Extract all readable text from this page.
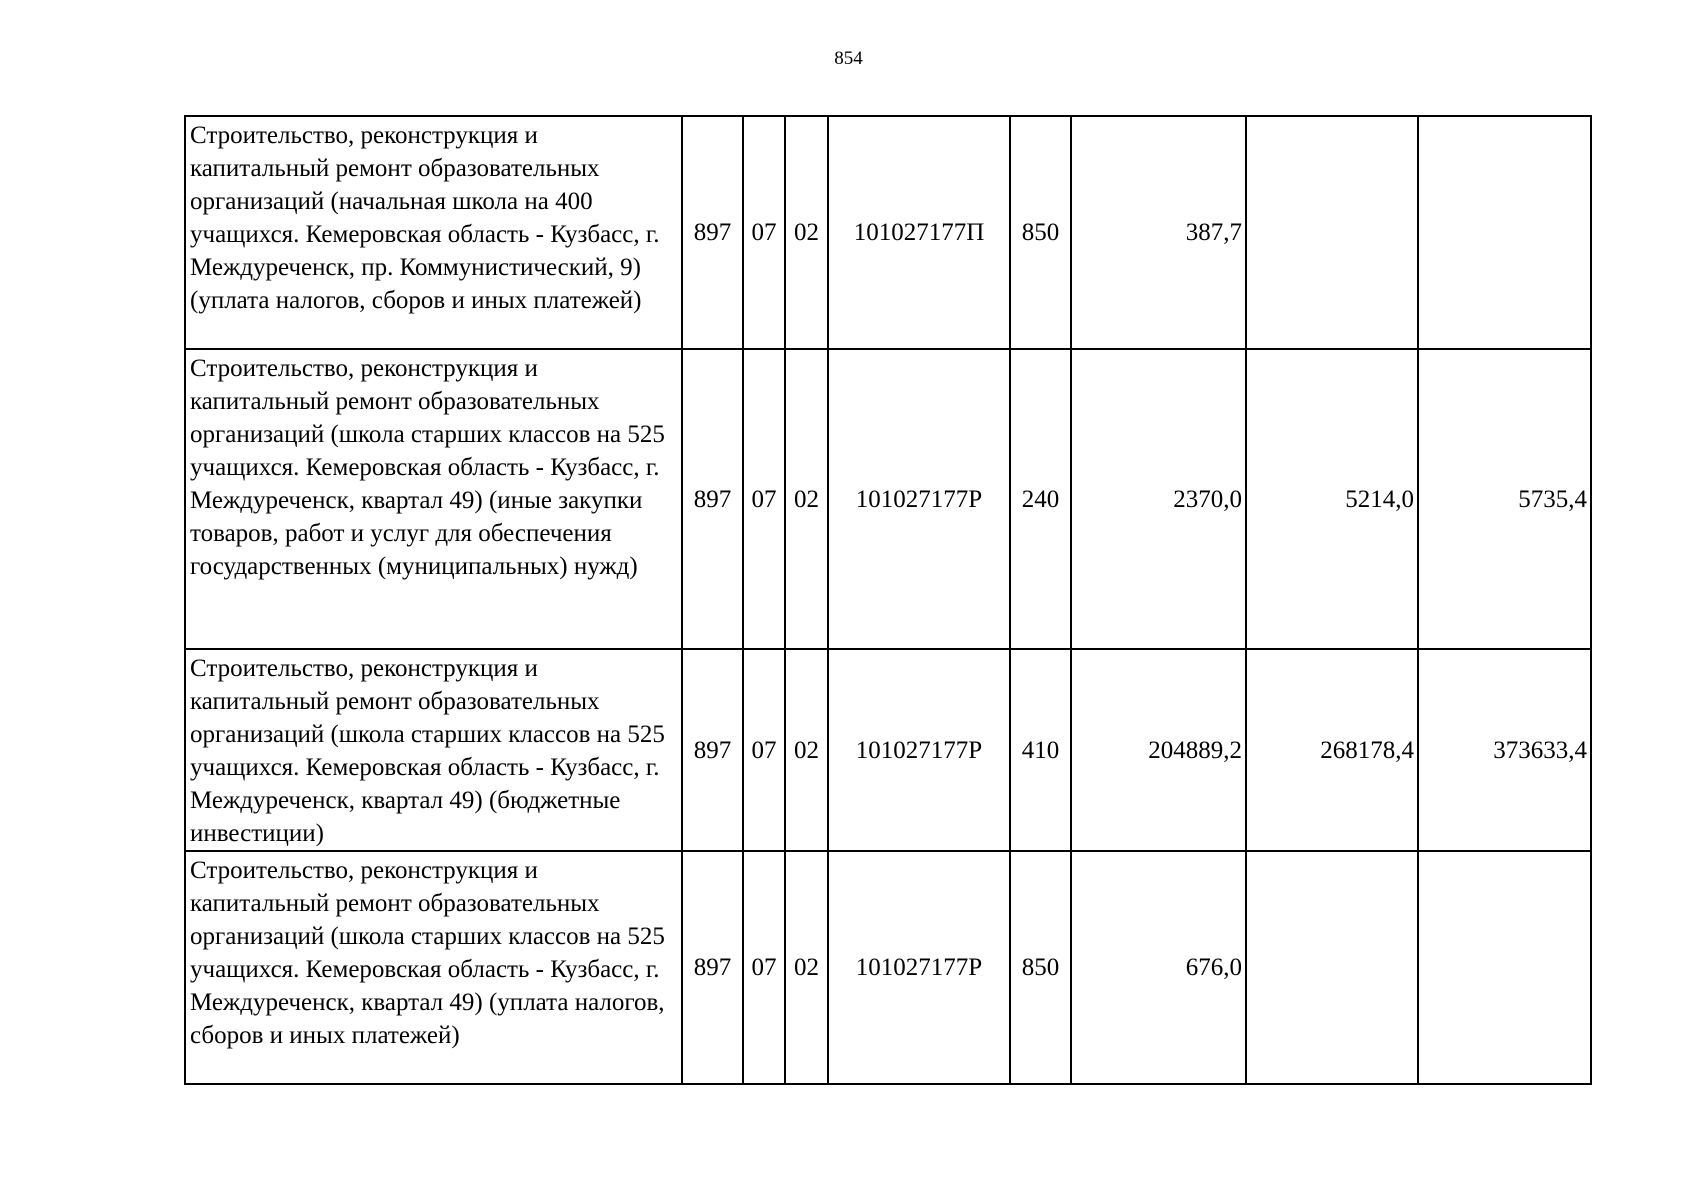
854
Строительство, реконструкция и капитальный ремонт образовательных организаций (начальная школа на 400 учащихся. Кемеровская область - Кузбасс, г. Междуреченск, пр. Коммунистический, 9) (уплата налогов, сборов и иных платежей)	897	07	02	101027177П	850	387,7		
Строительство, реконструкция и капитальный ремонт образовательных организаций (школа старших классов на 525 учащихся. Кемеровская область - Кузбасс, г. Междуреченск, квартал 49) (иные закупки товаров, работ и услуг для обеспечения государственных (муниципальных) нужд)	897	07	02	101027177Р	240	2370,0	5214,0	5735,4
Строительство, реконструкция и капитальный ремонт образовательных организаций (школа старших классов на 525 учащихся. Кемеровская область - Кузбасс, г. Междуреченск, квартал 49) (бюджетные инвестиции)	897	07	02	101027177Р	410	204889,2	268178,4	373633,4
Строительство, реконструкция и капитальный ремонт образовательных организаций (школа старших классов на 525 учащихся. Кемеровская область - Кузбасс, г. Междуреченск, квартал 49) (уплата налогов, сборов и иных платежей)	897	07	02	101027177Р	850	676,0		
